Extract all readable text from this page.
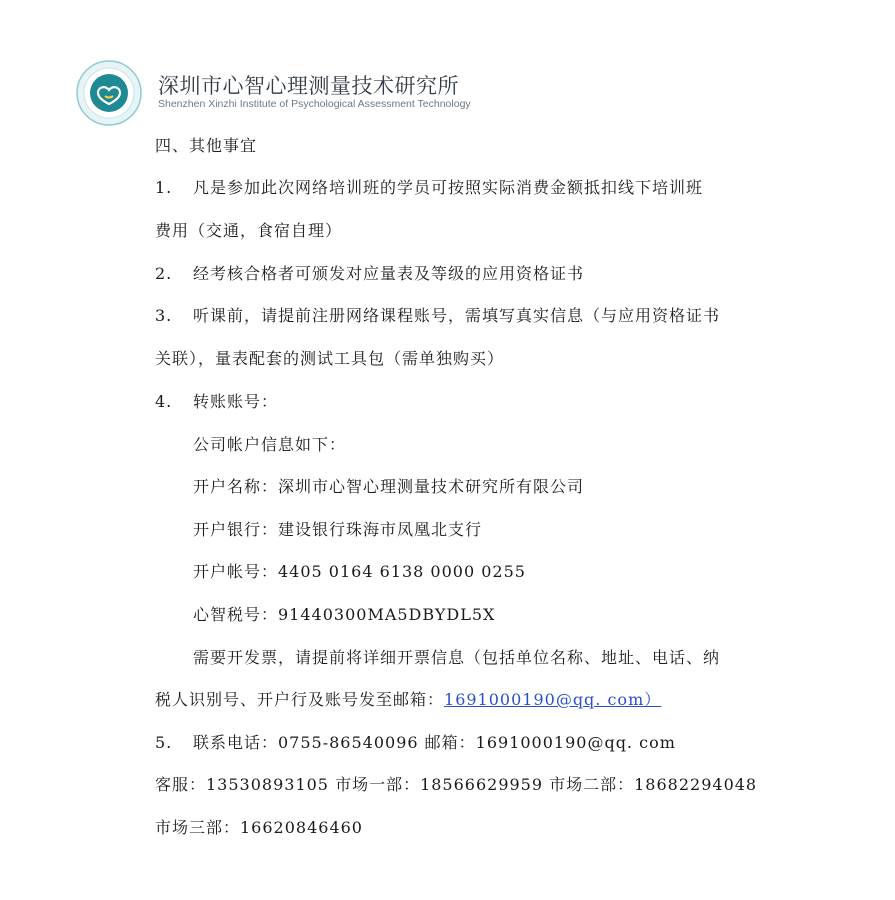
深圳市心智心理测量技术研究所
Shenzhen Xinzhi Institute of Psychological Assessment Technology
四、其他事宜
1. 凡是参加此次网络培训班的学员可按照实际消费金额抵扣线下培训班
费用（交通，食宿自理）
2. 经考核合格者可颁发对应量表及等级的应用资格证书
3. 听课前，请提前注册网络课程账号，需填写真实信息（与应用资格证书
关联），量表配套的测试工具包（需单独购买）
4. 转账账号：
公司帐户信息如下：
开户名称：深圳市心智心理测量技术研究所有限公司
开户银行：建设银行珠海市凤凰北支行
开户帐号：4405 0164 6138 0000 0255
心智税号：91440300MA5DBYDL5X
需要开发票，请提前将详细开票信息（包括单位名称、地址、电话、纳
税人识别号、开户行及账号发至邮箱：1691000190@qq. com）
5. 联系电话：0755-86540096 邮箱：1691000190@qq. com
客服：13530893105 市场一部：18566629959 市场二部：18682294048
市场三部：16620846460
